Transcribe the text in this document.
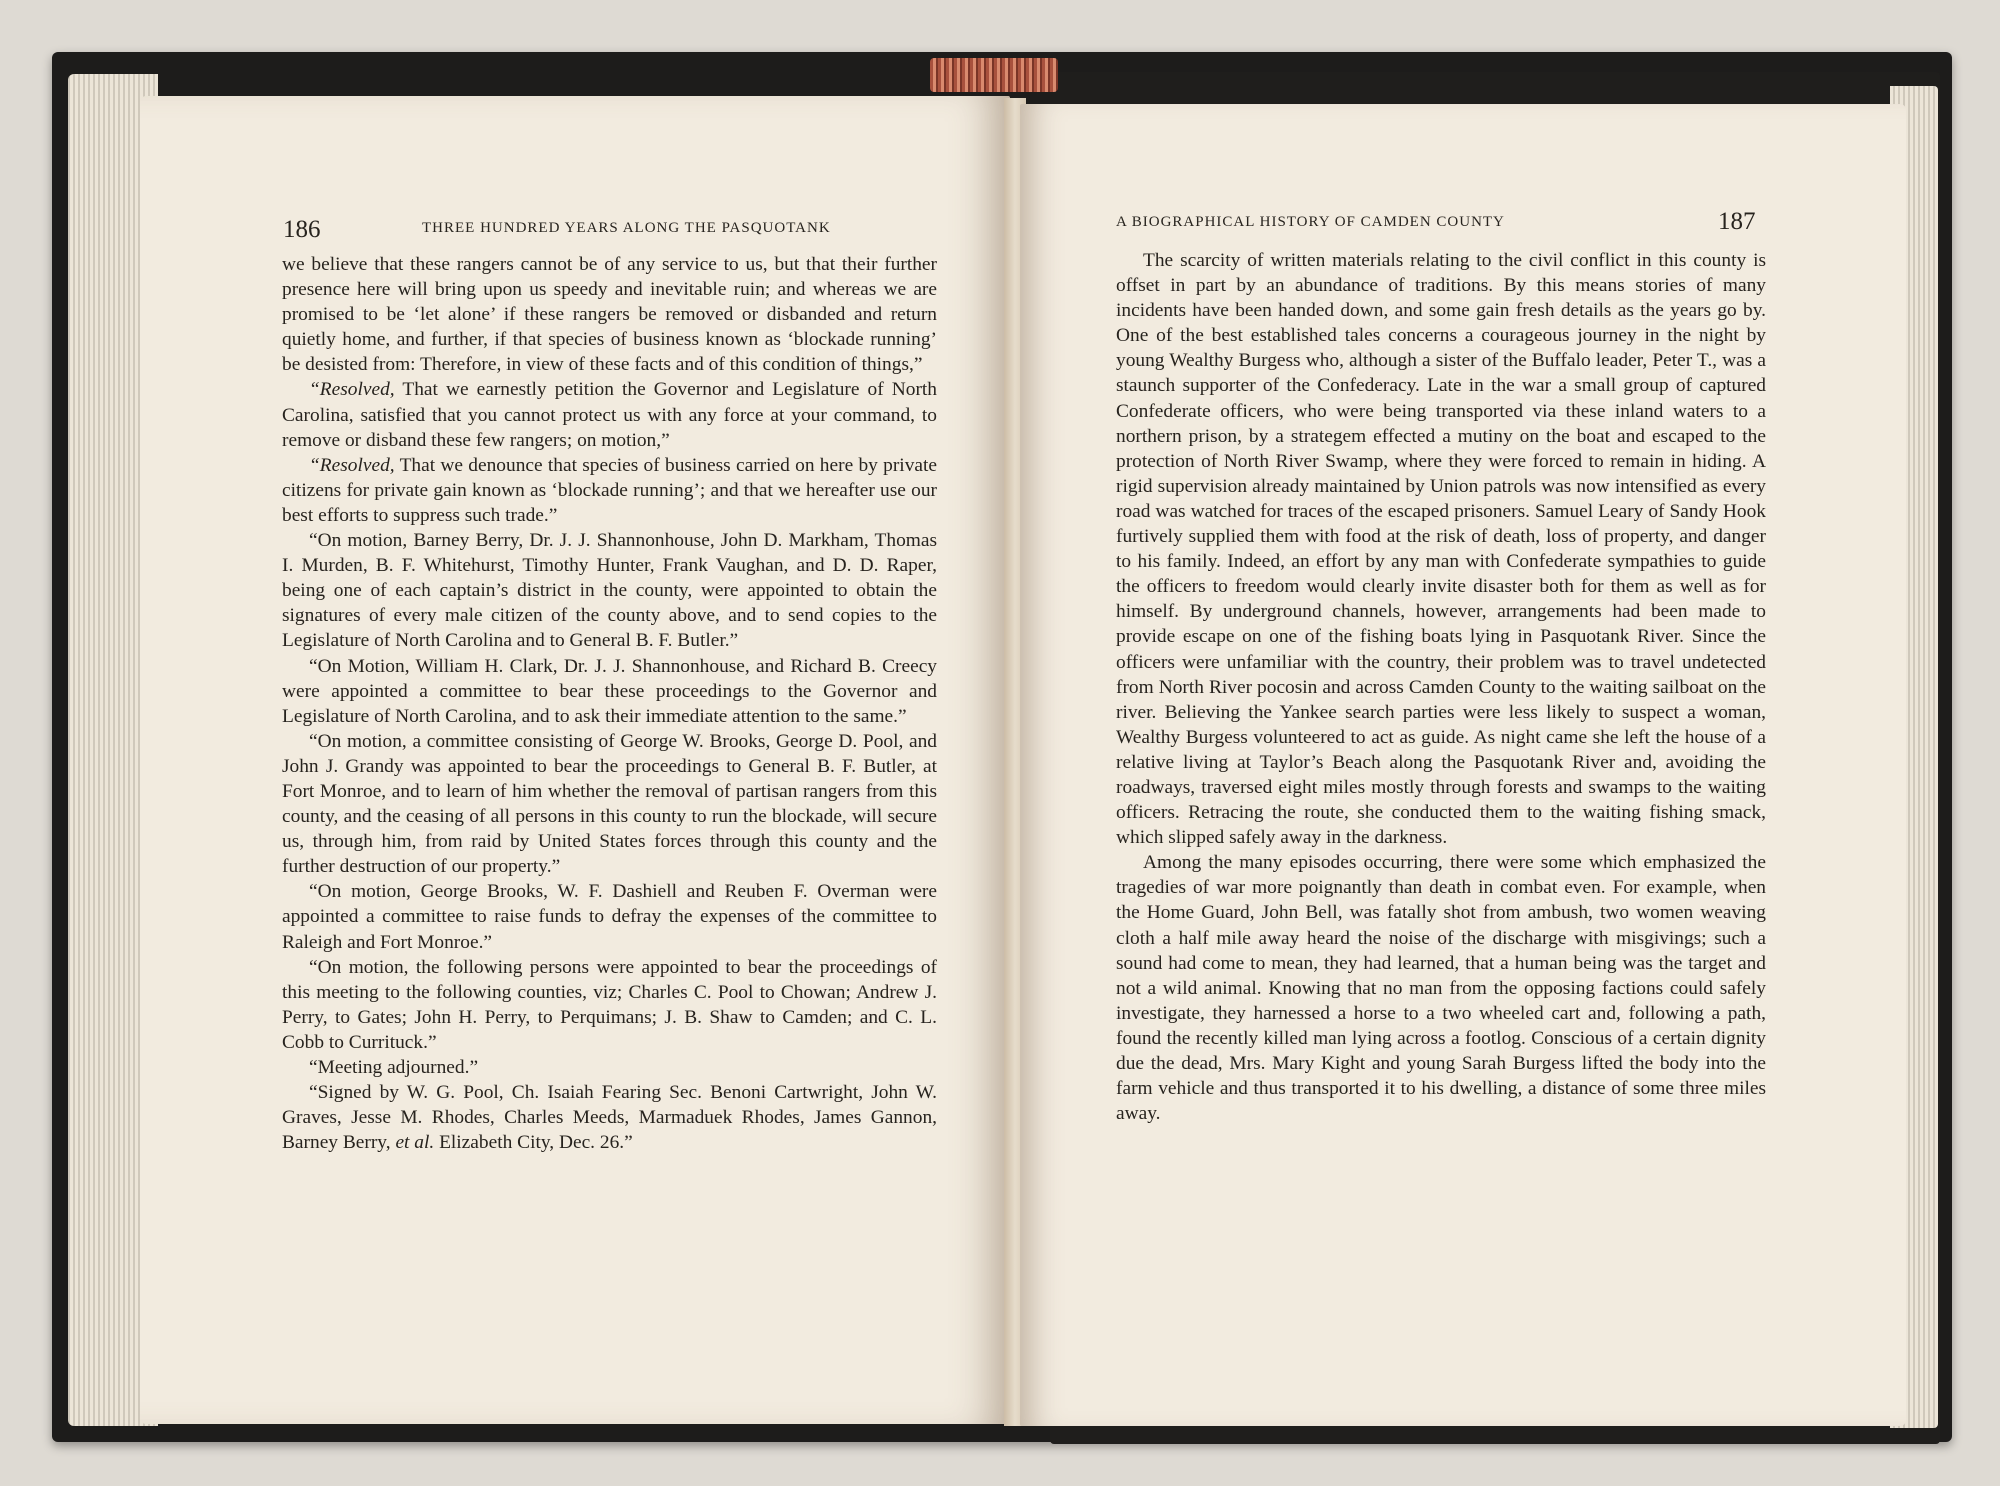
186	THREE HUNDRED YEARS ALONG THE PASQUOTANK

we believe that these rangers cannot be of any service to us, but that their further presence here will bring upon us speedy and inevitable ruin; and whereas we are promised to be ‘let alone’ if these rangers be removed or disbanded and return quietly home, and further, if that species of business known as ‘blockade running’ be desisted from: Therefore, in view of these facts and of this condition of things,”

“Resolved, That we earnestly petition the Governor and Legislature of North Carolina, satisfied that you cannot protect us with any force at your command, to remove or disband these few rangers; on motion,”

“Resolved, That we denounce that species of business carried on here by private citizens for private gain known as ‘blockade running’; and that we hereafter use our best efforts to suppress such trade.”

“On motion, Barney Berry, Dr. J. J. Shannonhouse, John D. Markham, Thomas I. Murden, B. F. Whitehurst, Timothy Hunter, Frank Vaughan, and D. D. Raper, being one of each captain’s district in the county, were appointed to obtain the signatures of every male citizen of the county above, and to send copies to the Legislature of North Carolina and to General B. F. Butler.”

“On Motion, William H. Clark, Dr. J. J. Shannonhouse, and Richard B. Creecy were appointed a committee to bear these proceedings to the Governor and Legislature of North Carolina, and to ask their immediate attention to the same.”

“On motion, a committee consisting of George W. Brooks, George D. Pool, and John J. Grandy was appointed to bear the proceedings to General B. F. Butler, at Fort Monroe, and to learn of him whether the removal of partisan rangers from this county, and the ceasing of all persons in this county to run the blockade, will secure us, through him, from raid by United States forces through this county and the further destruction of our property.”

“On motion, George Brooks, W. F. Dashiell and Reuben F. Overman were appointed a committee to raise funds to defray the expenses of the committee to Raleigh and Fort Monroe.”

“On motion, the following persons were appointed to bear the proceedings of this meeting to the following counties, viz; Charles C. Pool to Chowan; Andrew J. Perry, to Gates; John H. Perry, to Perquimans; J. B. Shaw to Camden; and C. L. Cobb to Currituck.”

“Meeting adjourned.”

“Signed by W. G. Pool, Ch. Isaiah Fearing Sec. Benoni Cartwright, John W. Graves, Jesse M. Rhodes, Charles Meeds, Marmaduek Rhodes, James Gannon, Barney Berry, et al. Elizabeth City, Dec. 26.”

A BIOGRAPHICAL HISTORY OF CAMDEN COUNTY	187

The scarcity of written materials relating to the civil conflict in this county is offset in part by an abundance of traditions. By this means stories of many incidents have been handed down, and some gain fresh details as the years go by. One of the best established tales concerns a courageous journey in the night by young Wealthy Burgess who, although a sister of the Buffalo leader, Peter T., was a staunch supporter of the Confederacy. Late in the war a small group of captured Confederate officers, who were being transported via these inland waters to a northern prison, by a strategem effected a mutiny on the boat and escaped to the protection of North River Swamp, where they were forced to remain in hiding. A rigid supervision already maintained by Union patrols was now intensified as every road was watched for traces of the escaped prisoners. Samuel Leary of Sandy Hook furtively supplied them with food at the risk of death, loss of property, and danger to his family. Indeed, an effort by any man with Confederate sympathies to guide the officers to freedom would clearly invite disaster both for them as well as for himself. By underground channels, however, arrangements had been made to provide escape on one of the fishing boats lying in Pasquotank River. Since the officers were unfamiliar with the country, their problem was to travel undetected from North River pocosin and across Camden County to the waiting sailboat on the river. Believing the Yankee search parties were less likely to suspect a woman, Wealthy Burgess volunteered to act as guide. As night came she left the house of a relative living at Taylor’s Beach along the Pasquotank River and, avoiding the roadways, traversed eight miles mostly through forests and swamps to the waiting officers. Retracing the route, she conducted them to the waiting fishing smack, which slipped safely away in the darkness.

Among the many episodes occurring, there were some which emphasized the tragedies of war more poignantly than death in combat even. For example, when the Home Guard, John Bell, was fatally shot from ambush, two women weaving cloth a half mile away heard the noise of the discharge with misgivings; such a sound had come to mean, they had learned, that a human being was the target and not a wild animal. Knowing that no man from the opposing factions could safely investigate, they harnessed a horse to a two wheeled cart and, following a path, found the recently killed man lying across a footlog. Conscious of a certain dignity due the dead, Mrs. Mary Kight and young Sarah Burgess lifted the body into the farm vehicle and thus transported it to his dwelling, a distance of some three miles away.
